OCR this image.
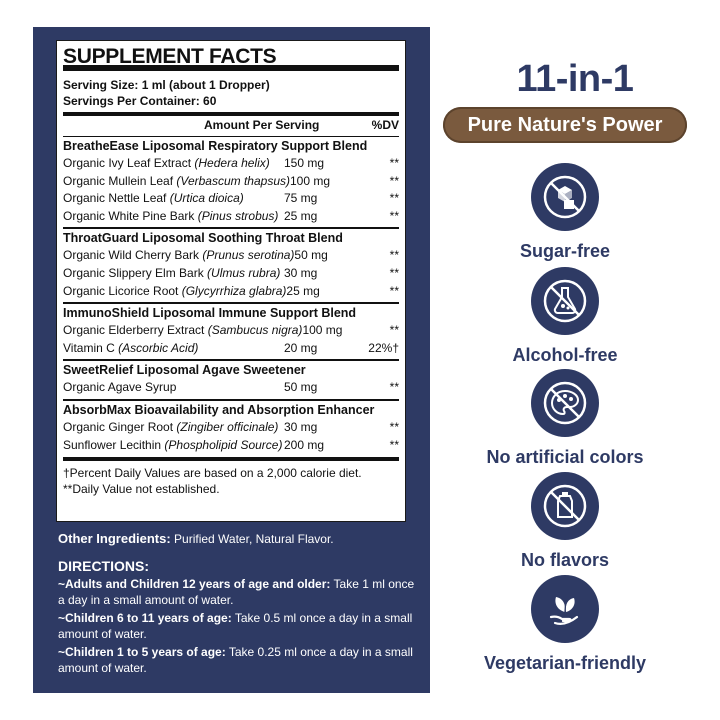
SUPPLEMENT FACTS
Serving Size: 1 ml (about 1 Dropper)
Servings Per Container: 60
Amount Per Serving	%DV
BreatheEase Liposomal Respiratory Support Blend
Organic Ivy Leaf Extract (Hedera helix)	150 mg	**
Organic Mullein Leaf (Verbascum thapsus) 100 mg	**
Organic Nettle Leaf (Urtica dioica)	75 mg	**
Organic White Pine Bark (Pinus strobus) 25 mg	**
ThroatGuard Liposomal Soothing Throat Blend
Organic Wild Cherry Bark (Prunus serotina) 50 mg	**
Organic Slippery Elm Bark (Ulmus rubra) 30 mg	**
Organic Licorice Root (Glycyrrhiza glabra) 25 mg	**
ImmunoShield Liposomal Immune Support Blend
Organic Elderberry Extract (Sambucus nigra) 100 mg	**
Vitamin C (Ascorbic Acid)	20 mg	22%†
SweetRelief Liposomal Agave Sweetener
Organic Agave Syrup	50 mg	**
AbsorbMax Bioavailability and Absorption Enhancer
Organic Ginger Root (Zingiber officinale) 30 mg	**
Sunflower Lecithin (Phospholipid Source) 200 mg	**
†Percent Daily Values are based on a 2,000 calorie diet.
**Daily Value not established.
Other Ingredients: Purified Water, Natural Flavor.
DIRECTIONS:
~Adults and Children 12 years of age and older: Take 1 ml once a day in a small amount of water.
~Children 6 to 11 years of age: Take 0.5 ml once a day in a small amount of water.
~Children 1 to 5 years of age: Take 0.25 ml once a day in a small amount of water.
11-in-1
Pure Nature's Power
Sugar-free
Alcohol-free
No artificial colors
No flavors
Vegetarian-friendly
